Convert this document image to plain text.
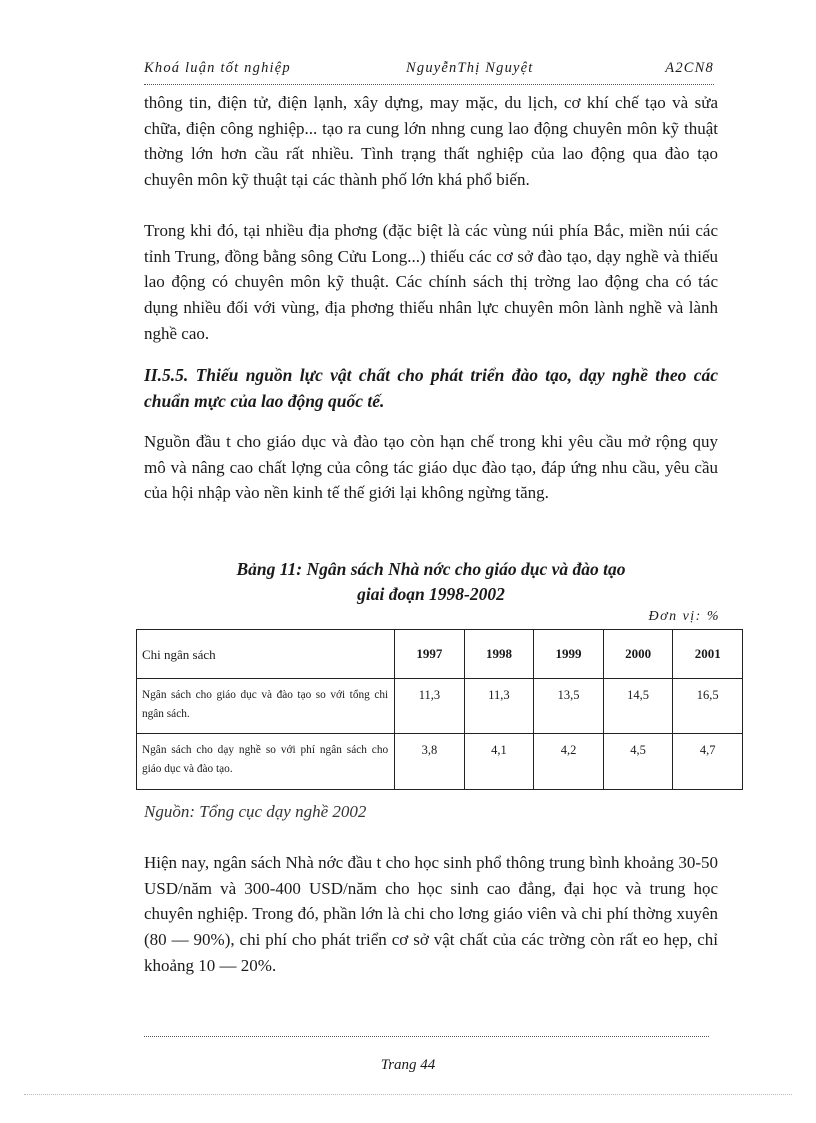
Khoá luận tốt nghiệp	NguyễnThị Nguyệt	A2CN8

thông tin, điện tử, điện lạnh, xây dựng, may mặc, du lịch, cơ khí chế tạo và sửa chữa, điện công nghiệp... tạo ra cung lớn nhng cung lao động chuyên môn kỹ thuật thờng lớn hơn cầu rất nhiều. Tình trạng thất nghiệp của lao động qua đào tạo chuyên môn kỹ thuật tại các thành phố lớn khá phổ biến.

Trong khi đó, tại nhiều địa phơng (đặc biệt là các vùng núi phía Bắc, miền núi các tỉnh Trung, đồng bằng sông Cửu Long...) thiếu các cơ sở đào tạo, dạy nghề và thiếu lao động có chuyên môn kỹ thuật. Các chính sách thị trờng lao động cha có tác dụng nhiều đối với vùng, địa phơng thiếu nhân lực chuyên môn lành nghề và lành nghề cao.

II.5.5. Thiếu nguồn lực vật chất cho phát triển đào tạo, dạy nghề theo các chuẩn mực của lao động quốc tế.

Nguồn đầu t cho giáo dục và đào tạo còn hạn chế trong khi yêu cầu mở rộng quy mô và nâng cao chất lợng của công tác giáo dục đào tạo, đáp ứng nhu cầu, yêu cầu của hội nhập vào nền kinh tế thế giới lại không ngừng tăng.

Bảng 11: Ngân sách Nhà nớc cho giáo dục và đào tạo
giai đoạn 1998-2002
Đơn vị: %
Chi ngân sách	1997	1998	1999	2000	2001
Ngân sách cho giáo dục và đào tạo so với tổng chi ngân sách.	11,3	11,3	13,5	14,5	16,5
Ngân sách cho dạy nghề so với phí ngân sách cho giáo dục và đào tạo.	3,8	4,1	4,2	4,5	4,7
Nguồn: Tổng cục dạy nghề 2002

Hiện nay, ngân sách Nhà nớc đầu t cho học sinh phổ thông trung bình khoảng 30-50 USD/năm và 300-400 USD/năm cho học sinh cao đẳng, đại học và trung học chuyên nghiệp. Trong đó, phần lớn là chi cho lơng giáo viên và chi phí thờng xuyên (80 — 90%), chi phí cho phát triển cơ sở vật chất của các trờng còn rất eo hẹp, chỉ khoảng 10 — 20%.

Trang 44
